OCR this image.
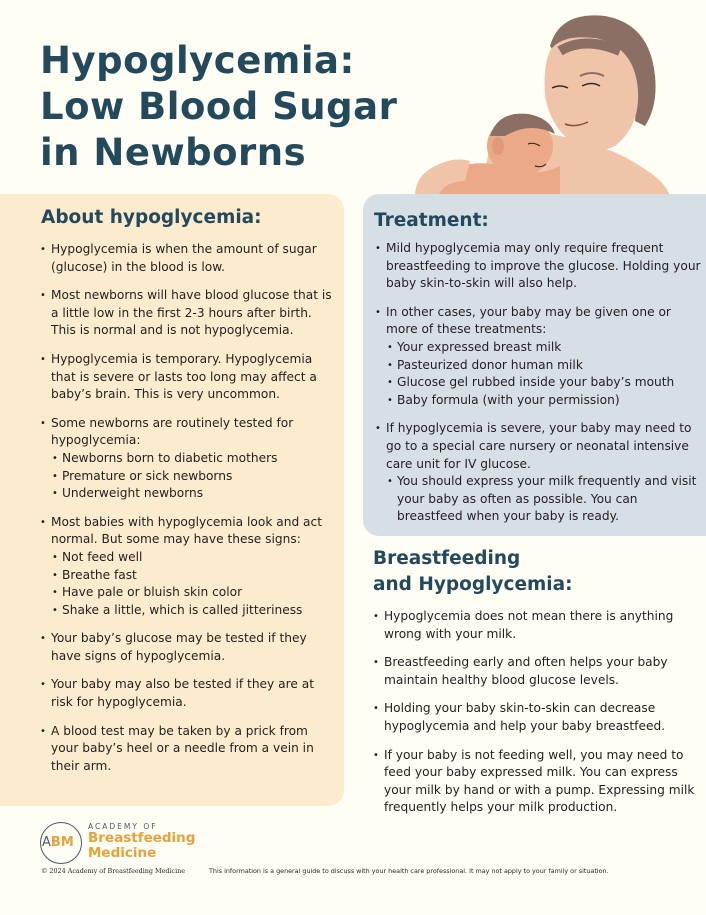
Hypoglycemia:
Low Blood Sugar
in Newborns
About hypoglycemia:
• Hypoglycemia is when the amount of sugar (glucose) in the blood is low.
• Most newborns will have blood glucose that is a little low in the first 2-3 hours after birth. This is normal and is not hypoglycemia.
• Hypoglycemia is temporary. Hypoglycemia that is severe or lasts too long may affect a baby’s brain. This is very uncommon.
• Some newborns are routinely tested for hypoglycemia:
• Newborns born to diabetic mothers
• Premature or sick newborns
• Underweight newborns
• Most babies with hypoglycemia look and act normal. But some may have these signs:
• Not feed well
• Breathe fast
• Have pale or bluish skin color
• Shake a little, which is called jitteriness
• Your baby’s glucose may be tested if they have signs of hypoglycemia.
• Your baby may also be tested if they are at risk for hypoglycemia.
• A blood test may be taken by a prick from your baby’s heel or a needle from a vein in their arm.
Treatment:
• Mild hypoglycemia may only require frequent breastfeeding to improve the glucose. Holding your baby skin-to-skin will also help.
• In other cases, your baby may be given one or more of these treatments:
• Your expressed breast milk
• Pasteurized donor human milk
• Glucose gel rubbed inside your baby’s mouth
• Baby formula (with your permission)
• If hypoglycemia is severe, your baby may need to go to a special care nursery or neonatal intensive care unit for IV glucose.
• You should express your milk frequently and visit your baby as often as possible. You can breastfeed when your baby is ready.
Breastfeeding
and Hypoglycemia:
• Hypoglycemia does not mean there is anything wrong with your milk.
• Breastfeeding early and often helps your baby maintain healthy blood glucose levels.
• Holding your baby skin-to-skin can decrease hypoglycemia and help your baby breastfeed.
• If your baby is not feeding well, you may need to feed your baby expressed milk. You can express your milk by hand or with a pump. Expressing milk frequently helps your milk production.
ABM
ACADEMY OF
Breastfeeding
Medicine
© 2024 Academy of Breastfeeding Medicine	This information is a general guide to discuss with your health care professional. It may not apply to your family or situation.
